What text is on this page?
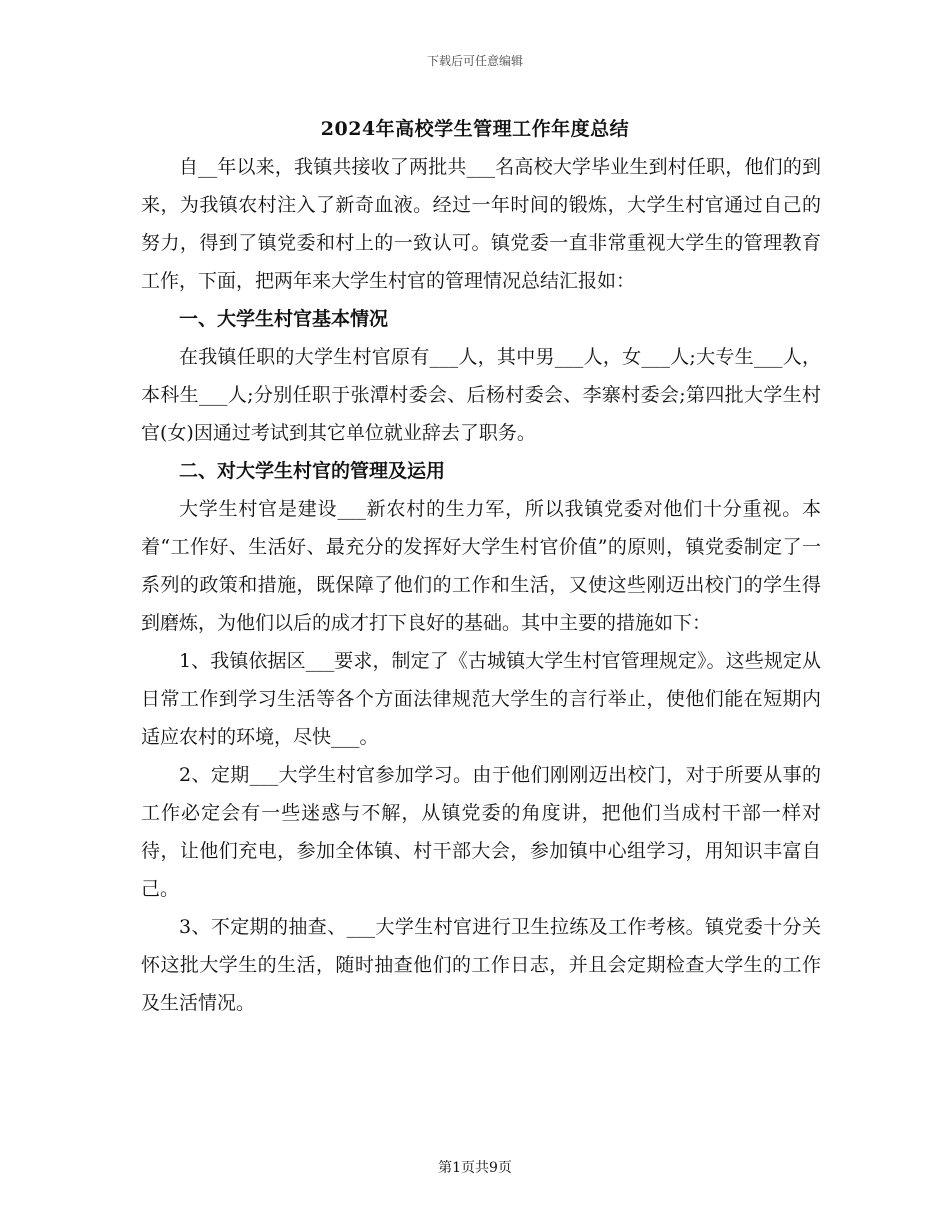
下载后可任意编辑
2024年高校学生管理工作年度总结

自__年以来，我镇共接收了两批共___名高校大学毕业生到村任职，他们的到来，为我镇农村注入了新奇血液。经过一年时间的锻炼，大学生村官通过自己的努力，得到了镇党委和村上的一致认可。镇党委一直非常重视大学生的管理教育工作，下面，把两年来大学生村官的管理情况总结汇报如：

一、大学生村官基本情况

在我镇任职的大学生村官原有___人，其中男___人，女___人;大专生___人，本科生___人;分别任职于张潭村委会、后杨村委会、李寨村委会;第四批大学生村官(女)因通过考试到其它单位就业辞去了职务。

二、对大学生村官的管理及运用

大学生村官是建设___新农村的生力军，所以我镇党委对他们十分重视。本着“工作好、生活好、最充分的发挥好大学生村官价值”的原则，镇党委制定了一系列的政策和措施，既保障了他们的工作和生活，又使这些刚迈出校门的学生得到磨炼，为他们以后的成才打下良好的基础。其中主要的措施如下：

1、我镇依据区___要求，制定了《古城镇大学生村官管理规定》。这些规定从日常工作到学习生活等各个方面法律规范大学生的言行举止，使他们能在短期内适应农村的环境，尽快___。

2、定期___大学生村官参加学习。由于他们刚刚迈出校门，对于所要从事的工作必定会有一些迷惑与不解，从镇党委的角度讲，把他们当成村干部一样对待，让他们充电，参加全体镇、村干部大会，参加镇中心组学习，用知识丰富自己。

3、不定期的抽查、___大学生村官进行卫生拉练及工作考核。镇党委十分关怀这批大学生的生活，随时抽查他们的工作日志，并且会定期检查大学生的工作及生活情况。

第1页共9页
